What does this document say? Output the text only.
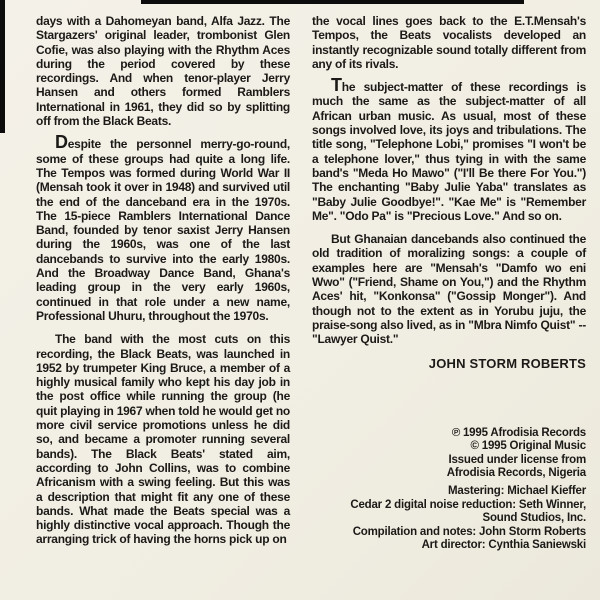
days with a Dahomeyan band, Alfa Jazz. The Stargazers' original leader, trombonist Glen Cofie, was also playing with the Rhythm Aces during the period covered by these recordings. And when tenor-player Jerry Hansen and others formed Ramblers International in 1961, they did so by splitting off from the Black Beats.

Despite the personnel merry-go-round, some of these groups had quite a long life. The Tempos was formed during World War II (Mensah took it over in 1948) and survived util the end of the danceband era in the 1970s. The 15-piece Ramblers International Dance Band, founded by tenor saxist Jerry Hansen during the 1960s, was one of the last dancebands to survive into the early 1980s. And the Broadway Dance Band, Ghana's leading group in the very early 1960s, continued in that role under a new name, Professional Uhuru, throughout the 1970s.

The band with the most cuts on this recording, the Black Beats, was launched in 1952 by trumpeter King Bruce, a member of a highly musical family who kept his day job in the post office while running the group (he quit playing in 1967 when told he would get no more civil service promotions unless he did so, and became a promoter running several bands). The Black Beats' stated aim, according to John Collins, was to combine Africanism with a swing feeling. But this was a description that might fit any one of these bands. What made the Beats special was a highly distinctive vocal approach. Though the arranging trick of having the horns pick up on

the vocal lines goes back to the E.T.Mensah's Tempos, the Beats vocalists developed an instantly recognizable sound totally different from any of its rivals.

The subject-matter of these recordings is much the same as the subject-matter of all African urban music. As usual, most of these songs involved love, its joys and tribulations. The title song, "Telephone Lobi," promises "I won't be a telephone lover," thus tying in with the same band's "Meda Ho Mawo" ("I'll Be there For You.") The enchanting "Baby Julie Yaba" translates as "Baby Julie Goodbye!". "Kae Me" is "Remember Me". "Odo Pa" is "Precious Love." And so on.

But Ghanaian dancebands also continued the old tradition of moralizing songs: a couple of examples here are "Mensah's "Damfo wo eni Wwo" ("Friend, Shame on You,") and the Rhythm Aces' hit, "Konkonsa" ("Gossip Monger"). And though not to the extent as in Yorubu juju, the praise-song also lived, as in "Mbra Nimfo Quist" -- "Lawyer Quist."

JOHN STORM ROBERTS
℗ 1995 Afrodisia Records
© 1995 Original Music
Issued under license from
Afrodisia Records, Nigeria
Mastering: Michael Kieffer
Cedar 2 digital noise reduction: Seth Winner,
Sound Studios, Inc.
Compilation and notes: John Storm Roberts
Art director: Cynthia Saniewski
